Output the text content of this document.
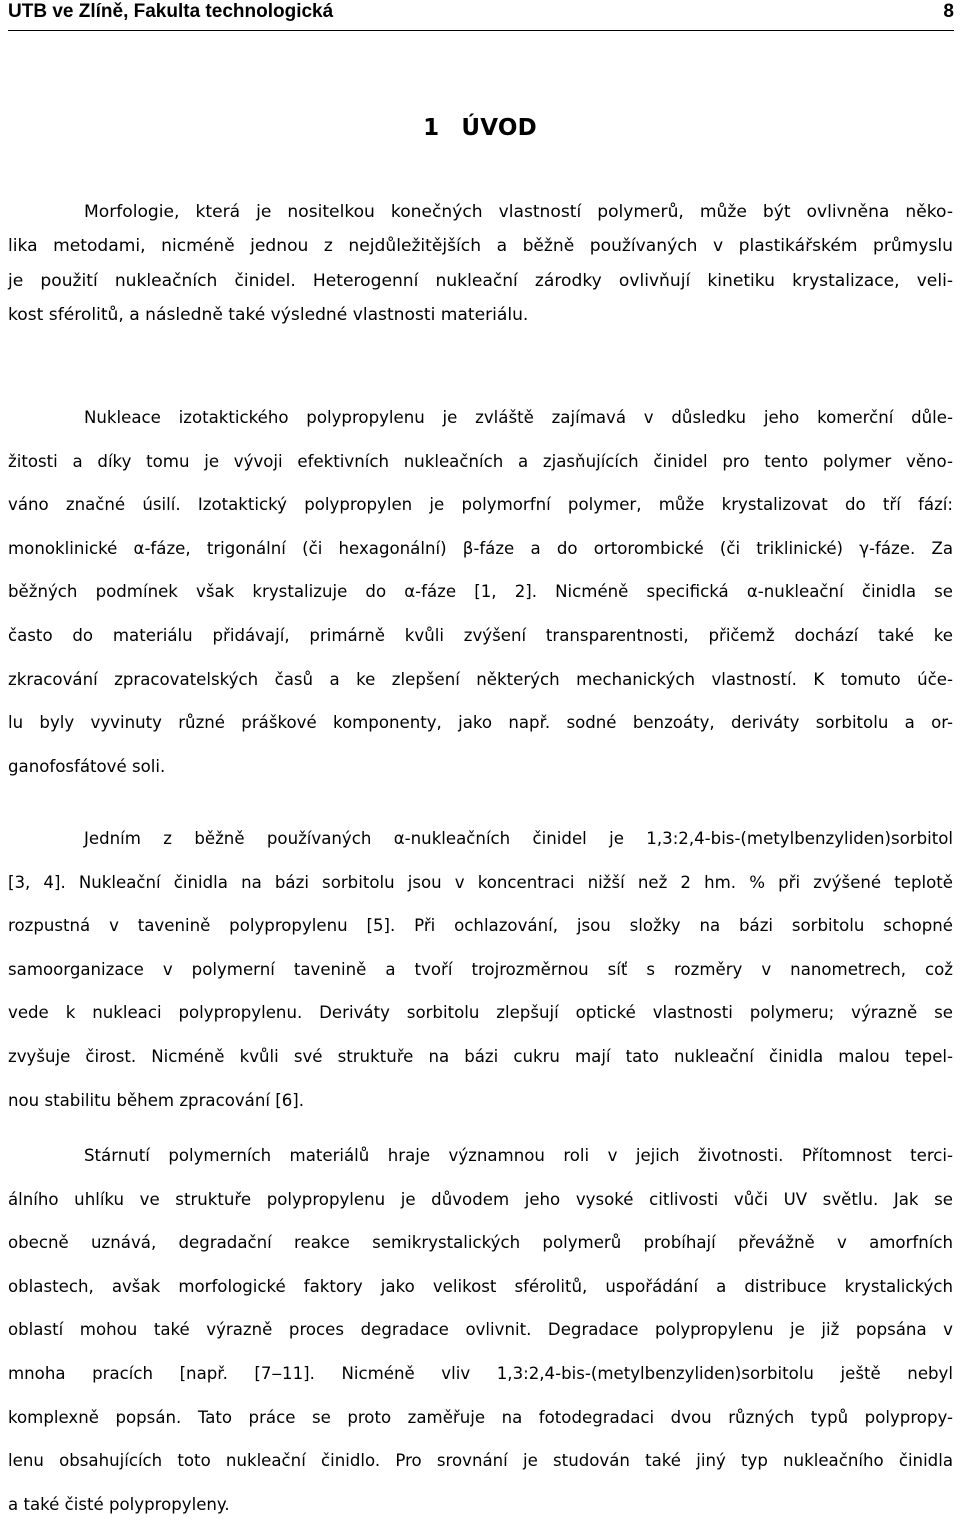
UTB ve Zlíně, Fakulta technologická	8
1 ÚVOD

Morfologie, která je nositelkou konečných vlastností polymerů, může být ovlivněna něko-
lika metodami, nicméně jednou z nejdůležitějších a běžně používaných v plastikářském průmyslu
je použití nukleačních činidel. Heterogenní nukleační zárodky ovlivňují kinetiku krystalizace, veli-
kost sférolitů, a následně také výsledné vlastnosti materiálu.

Nukleace izotaktického polypropylenu je zvláště zajímavá v důsledku jeho komerční důle-
žitosti a díky tomu je vývoji efektivních nukleačních a zjasňujících činidel pro tento polymer věno-
váno značné úsilí. Izotaktický polypropylen je polymorfní polymer, může krystalizovat do tří fází:
monoklinické α-fáze, trigonální (či hexagonální) β-fáze a do ortorombické (či triklinické) γ-fáze. Za
běžných podmínek však krystalizuje do α-fáze [1, 2]. Nicméně specifická α-nukleační činidla se
často do materiálu přidávají, primárně kvůli zvýšení transparentnosti, přičemž dochází také ke
zkracování zpracovatelských časů a ke zlepšení některých mechanických vlastností. K tomuto úče-
lu byly vyvinuty různé práškové komponenty, jako např. sodné benzoáty, deriváty sorbitolu a or-
ganofosfátové soli.

Jedním z běžně používaných α-nukleačních činidel je 1,3:2,4-bis-(metylbenzyliden)sorbitol
[3, 4]. Nukleační činidla na bázi sorbitolu jsou v koncentraci nižší než 2 hm. % při zvýšené teplotě
rozpustná v tavenině polypropylenu [5]. Při ochlazování, jsou složky na bázi sorbitolu schopné
samoorganizace v polymerní tavenině a tvoří trojrozměrnou síť s rozměry v nanometrech, což
vede k nukleaci polypropylenu. Deriváty sorbitolu zlepšují optické vlastnosti polymeru; výrazně se
zvyšuje čirost. Nicméně kvůli své struktuře na bázi cukru mají tato nukleační činidla malou tepel-
nou stabilitu během zpracování [6].

Stárnutí polymerních materiálů hraje významnou roli v jejich životnosti. Přítomnost terci-
álního uhlíku ve struktuře polypropylenu je důvodem jeho vysoké citlivosti vůči UV světlu. Jak se
obecně uznává, degradační reakce semikrystalických polymerů probíhají převážně v amorfních
oblastech, avšak morfologické faktory jako velikost sférolitů, uspořádání a distribuce krystalických
oblastí mohou také výrazně proces degradace ovlivnit. Degradace polypropylenu je již popsána v
mnoha pracích [např. [7‒11]. Nicméně vliv 1,3:2,4-bis-(metylbenzyliden)sorbitolu ještě nebyl
komplexně popsán. Tato práce se proto zaměřuje na fotodegradaci dvou různých typů polypropy-
lenu obsahujících toto nukleační činidlo. Pro srovnání je studován také jiný typ nukleačního činidla
a také čisté polypropyleny.
